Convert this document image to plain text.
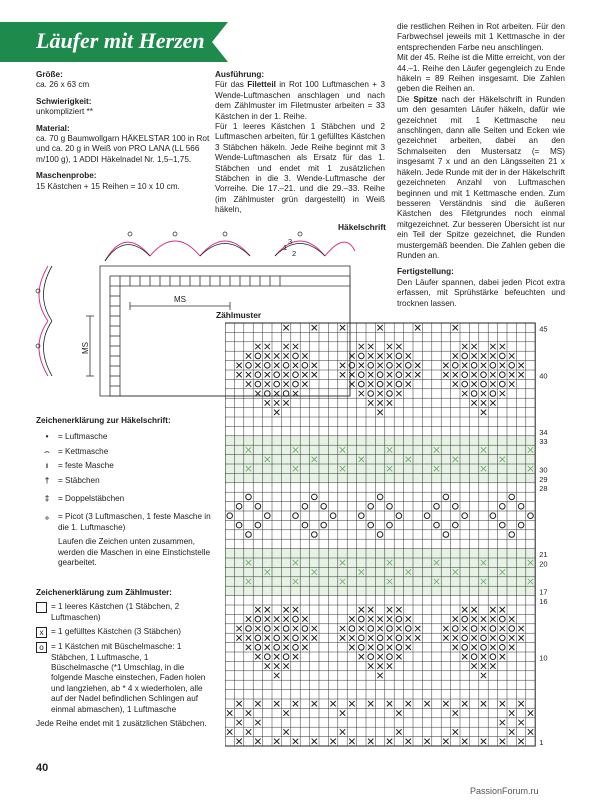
Läufer mit Herzen
Größe:
ca. 26 x 63 cm
Schwierigkeit:
unkompliziert **
Material:
ca. 70 g Baumwollgarn HÄKELSTAR 100 in Rot und ca. 20 g in Weiß von PRO LANA (LL 566 m/100 g), 1 ADDI Häkelnadel Nr. 1,5–1,75.
Maschenprobe:
15 Kästchen + 15 Reihen = 10 x 10 cm.
Ausführung:

Für das Filetteil in Rot 100 Luftmaschen + 3 Wende-Luftmaschen anschlagen und nach dem Zählmuster im Filetmuster arbeiten = 33 Kästchen in der 1. Reihe.

Für 1 leeres Kästchen 1 Stäbchen und 2 Luftmaschen arbeiten, für 1 gefülltes Kästchen 3 Stäbchen häkeln. Jede Reihe beginnt mit 3 Wende-Luftmaschen als Ersatz für das 1. Stäbchen und endet mit 1 zusätzlichen Stäbchen in die 3. Wende-Luftmasche der Vorreihe. Die 17.–21. und die 29.–33. Reihe (im Zählmuster grün dargestellt) in Weiß häkeln,

die restlichen Reihen in Rot arbeiten. Für den Farbwechsel jeweils mit 1 Kettmasche in der entsprechenden Farbe neu anschlingen.

Mit der 45. Reihe ist die Mitte erreicht, von der 44.–1. Reihe den Läufer gegengleich zu Ende häkeln = 89 Reihen insgesamt. Die Zahlen geben die Reihen an.

Die Spitze nach der Häkelschrift in Runden um den gesamten Läufer häkeln, dafür wie gezeichnet mit 1 Kettmasche neu anschlingen, dann alle Seiten und Ecken wie gezeichnet arbeiten, dabei an den Schmalseiten den Mustersatz (= MS) insgesamt 7 x und an den Längsseiten 21 x häkeln. Jede Runde mit der in der Häkelschrift gezeichneten Anzahl von Luftmaschen beginnen und mit 1 Kettmasche enden. Zum besseren Verständnis sind die äußeren Kästchen des Filetgrundes noch einmal mitgezeichnet. Zur besseren Übersicht ist nur ein Teil der Spitze gezeichnet, die Runden mustergemäß beenden. Die Zahlen geben die Runden an.

Fertigstellung:

Den Läufer spannen, dabei jeden Picot extra erfassen, mit Sprühstärke befeuchten und trocknen lassen.

Häkelschrift
MS
MS
1
2
3
Zeichenerklärung zur Häkelschrift:
•	= Luftmasche
⌢	= Kettmasche
ı	= feste Masche
†	= Stäbchen
‡	= Doppelstäbchen
ₒ	= Picot (3 Luftmaschen, 1 feste Masche in die 1. Luftmasche)

Laufen die Zeichen unten zusammen, werden die Maschen in eine Einstichstelle gearbeitet.

Zeichenerklärung zum Zählmuster:
= 1 leeres Kästchen (1 Stäbchen, 2 Luftmaschen)
x = 1 gefülltes Kästchen (3 Stäbchen)
o = 1 Kästchen mit Büschelmasche: 1 Stäbchen, 1 Luftmasche, 1 Büschelmasche (*1 Umschlag, in die folgende Masche einstechen, Faden holen und langziehen, ab * 4 x wiederholen, alle auf der Nadel befindlichen Schlingen auf einmal abmaschen), 1 Luftmasche

Jede Reihe endet mit 1 zusätzlichen Stäbchen.

Zählmuster
45
40
34
33
30
29
28
21
20
17
16
10
1
40
PassionForum.ru
